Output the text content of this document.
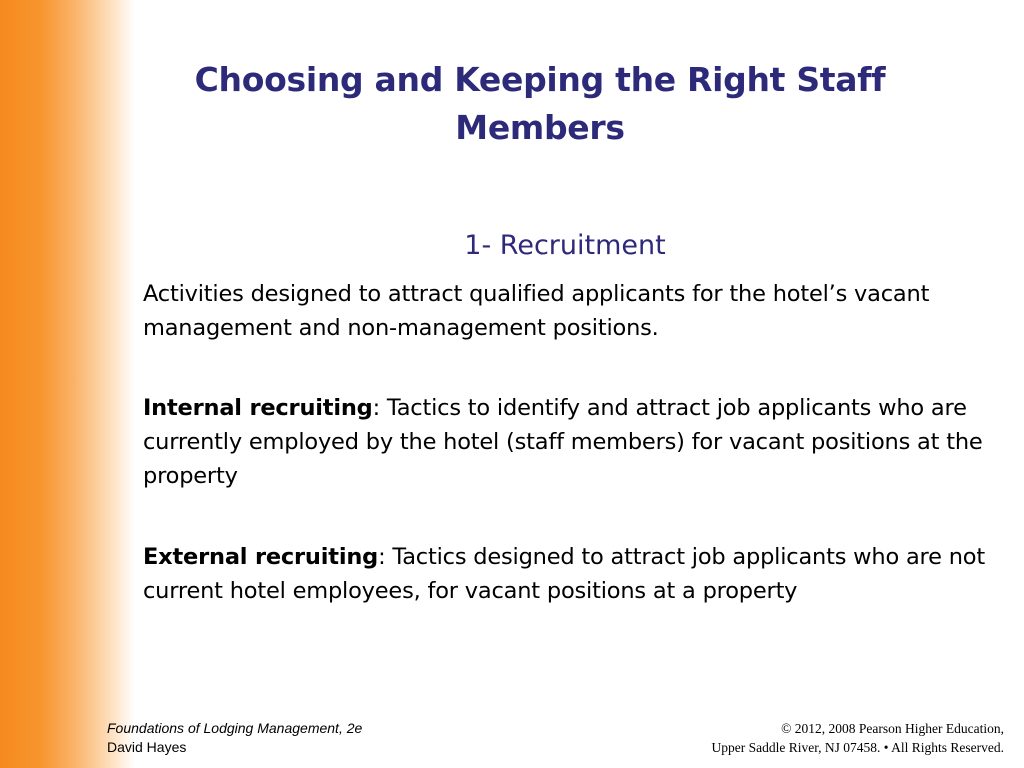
Choosing and Keeping the Right Staff Members
1- Recruitment

Activities designed to attract qualified applicants for the hotel’s vacant management and non-management positions.

Internal recruiting: Tactics to identify and attract job applicants who are currently employed by the hotel (staff members) for vacant positions at the property

External recruiting: Tactics designed to attract job applicants who are not current hotel employees, for vacant positions at a property

Foundations of Lodging Management, 2e
David Hayes
© 2012, 2008 Pearson Higher Education,
Upper Saddle River, NJ 07458. • All Rights Reserved.
